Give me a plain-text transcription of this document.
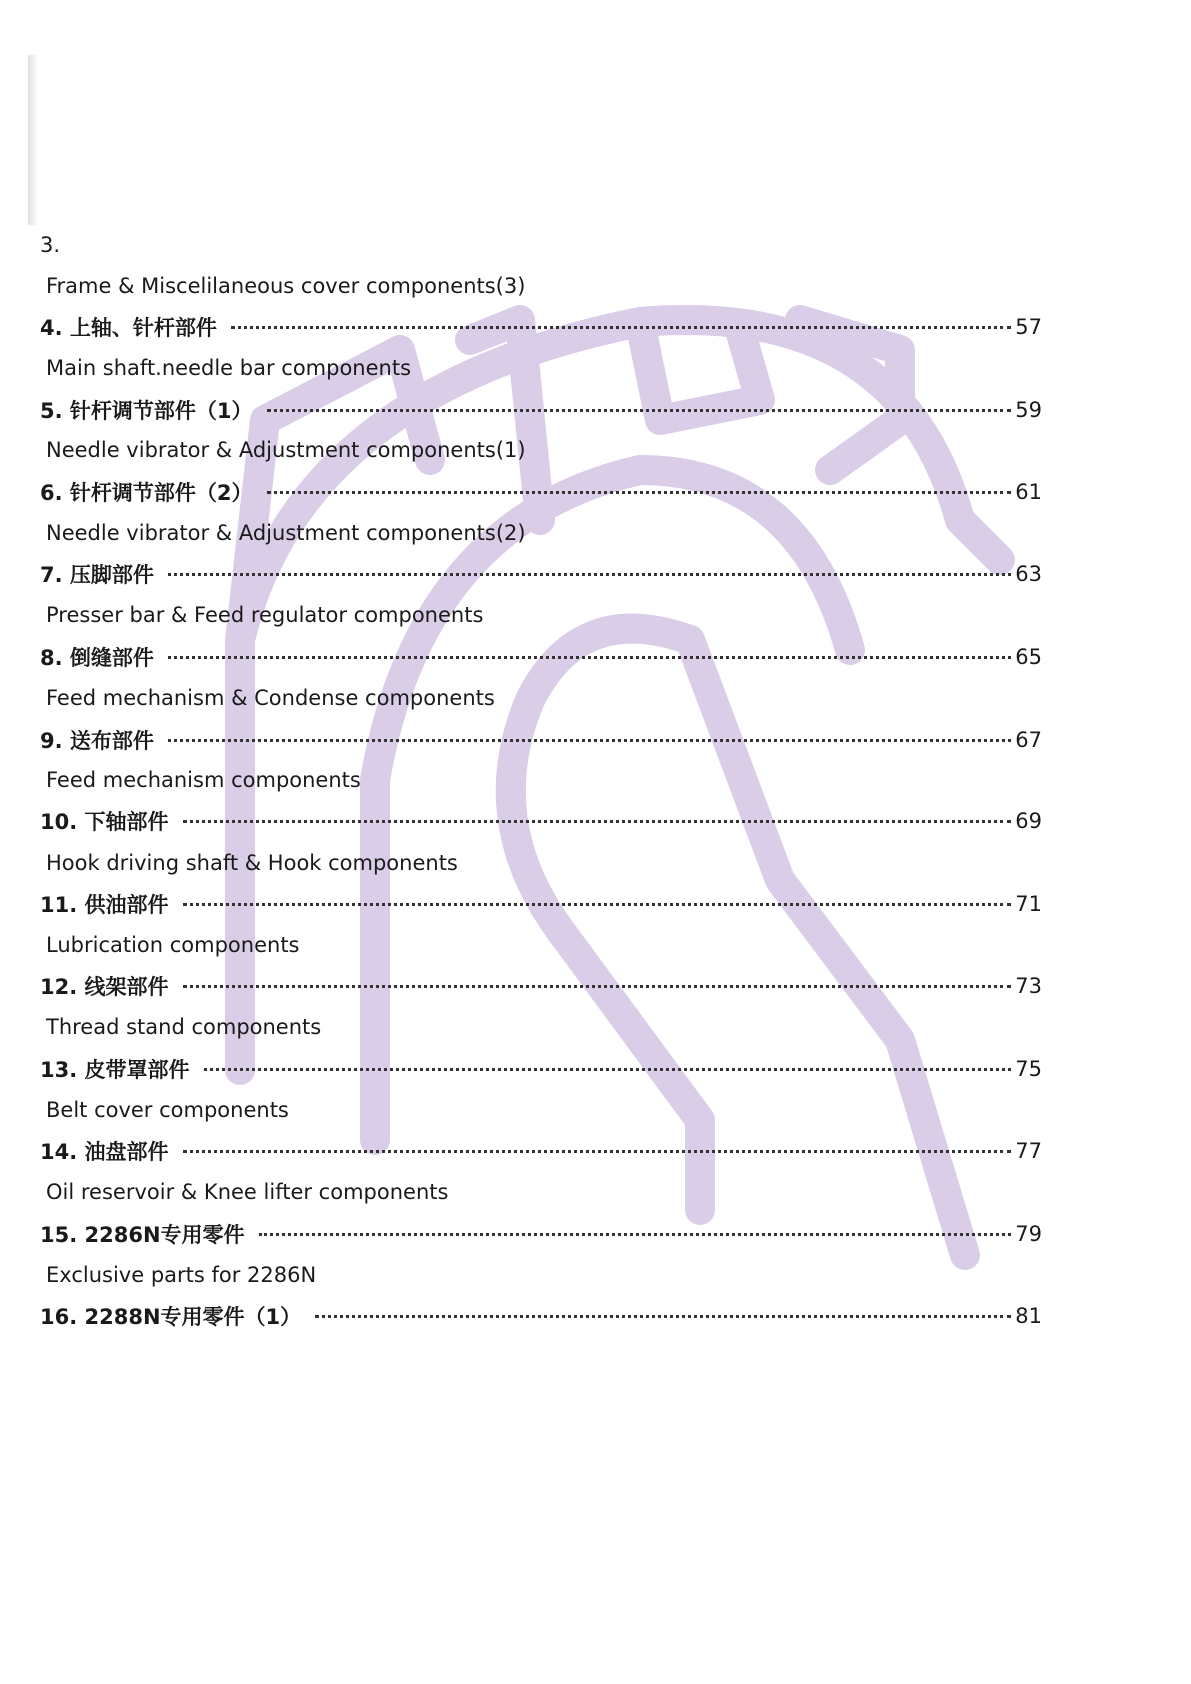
3.
Frame & Miscelilaneous cover components(3)
4. 上轴、针杆部件	57
Main shaft.needle bar components
5. 针杆调节部件（1）	59
Needle vibrator & Adjustment components(1)
6. 针杆调节部件（2）	61
Needle vibrator & Adjustment components(2)
7. 压脚部件	63
Presser bar & Feed regulator components
8. 倒缝部件	65
Feed mechanism & Condense components
9. 送布部件	67
Feed mechanism components
10. 下轴部件	69
Hook driving shaft & Hook components
11. 供油部件	71
Lubrication components
12. 线架部件	73
Thread stand components
13. 皮带罩部件	75
Belt cover components
14. 油盘部件	77
Oil reservoir & Knee lifter components
15. 2286N专用零件	79
Exclusive parts for 2286N
16. 2288N专用零件（1）	81
